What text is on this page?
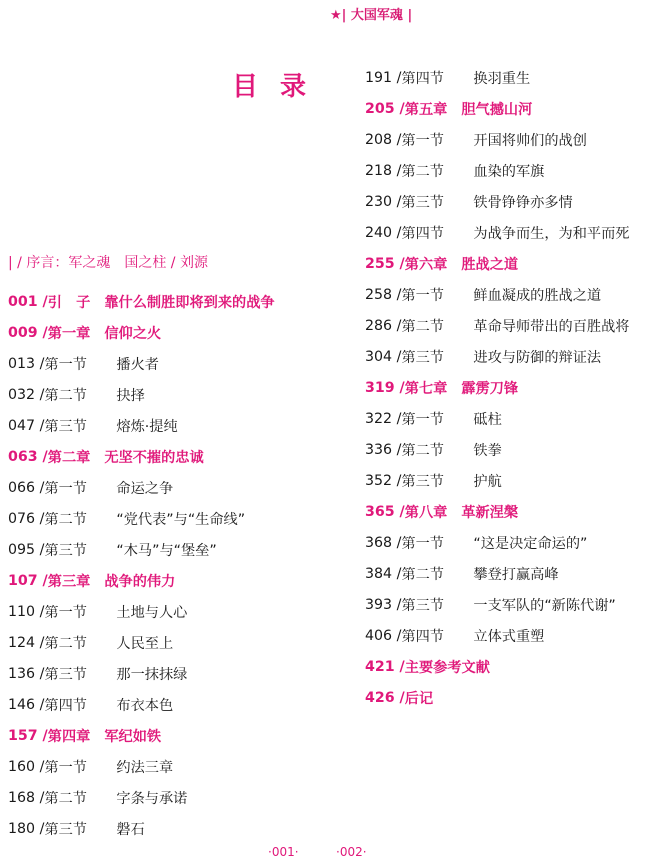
★| 大国军魂 |
目录
| / 序言：军之魂　国之柱 / 刘源
001 / 引　子 靠什么制胜即将到来的战争
009 / 第一章 信仰之火
013 / 第一节	播火者
032 / 第二节	抉择
047 / 第三节	熔炼·提纯
063 / 第二章 无坚不摧的忠诚
066 / 第一节	命运之争
076 / 第二节	“党代表”与“生命线”
095 / 第三节	“木马”与“堡垒”
107 / 第三章 战争的伟力
110 / 第一节	土地与人心
124 / 第二节	人民至上
136 / 第三节	那一抹抹绿
146 / 第四节	布衣本色
157 / 第四章 军纪如铁
160 / 第一节	约法三章
168 / 第二节	字条与承诺
180 / 第三节	磐石
191 / 第四节	换羽重生
205 / 第五章 胆气撼山河
208 / 第一节	开国将帅们的战创
218 / 第二节	血染的军旗
230 / 第三节	铁骨铮铮亦多情
240 / 第四节	为战争而生，为和平而死
255 / 第六章 胜战之道
258 / 第一节	鲜血凝成的胜战之道
286 / 第二节	革命导师带出的百胜战将
304 / 第三节	进攻与防御的辩证法
319 / 第七章 霹雳刀锋
322 / 第一节	砥柱
336 / 第二节	铁拳
352 / 第三节	护航
365 / 第八章 革新涅槃
368 / 第一节	“这是决定命运的”
384 / 第二节	攀登打赢高峰
393 / 第三节	一支军队的“新陈代谢”
406 / 第四节	立体式重塑
421 / 主要参考文献
426 / 后记
·001·	·002·
